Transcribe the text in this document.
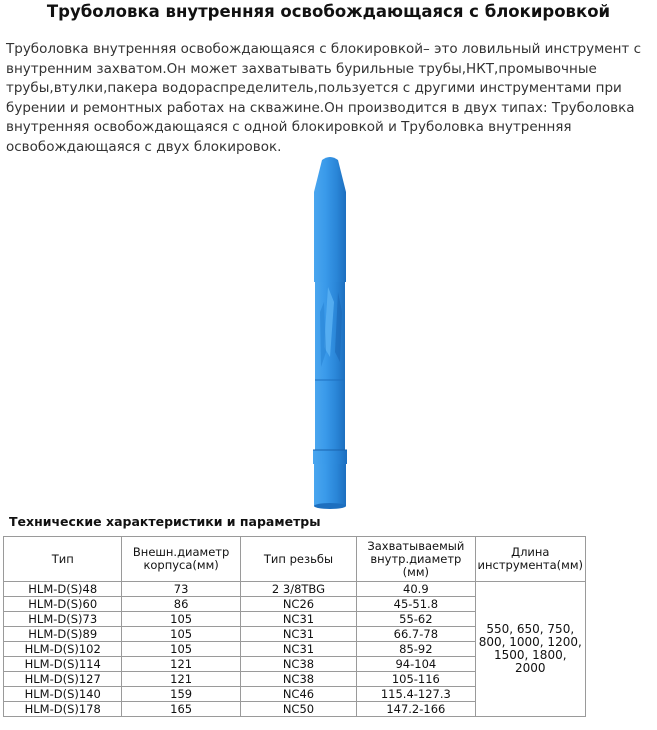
Труболовка внутренняя освобождающаяся с блокировкой
Труболовка внутренняя освобождающаяся с блокировкой– это ловильный инструмент с внутренним захватом.Он может захватывать бурильные трубы,НКТ,промывочные трубы,втулки,пакера водораспределитель,пользуется с другими инструментами при бурении и ремонтных работах на скважине.Он производится в двух типах: Труболовка внутренняя освобождающаяся с одной блокировкой и Труболовка внутренняя освобождающаяся с двух блокировок.
Технические характеристики и параметры
Тип	Внешн.диаметр корпуса(мм)	Тип резьбы	Захватываемый внутр.диаметр (мм)	Длина инструмента(мм)
HLM-D(S)48	73	2 3/8TBG	40.9	550, 650, 750, 800, 1000, 1200, 1500, 1800, 2000
HLM-D(S)60	86	NC26	45-51.8	
HLM-D(S)73	105	NC31	55-62	
HLM-D(S)89	105	NC31	66.7-78	
HLM-D(S)102	105	NC31	85-92	
HLM-D(S)114	121	NC38	94-104	
HLM-D(S)127	121	NC38	105-116	
HLM-D(S)140	159	NC46	115.4-127.3	
HLM-D(S)178	165	NC50	147.2-166	
